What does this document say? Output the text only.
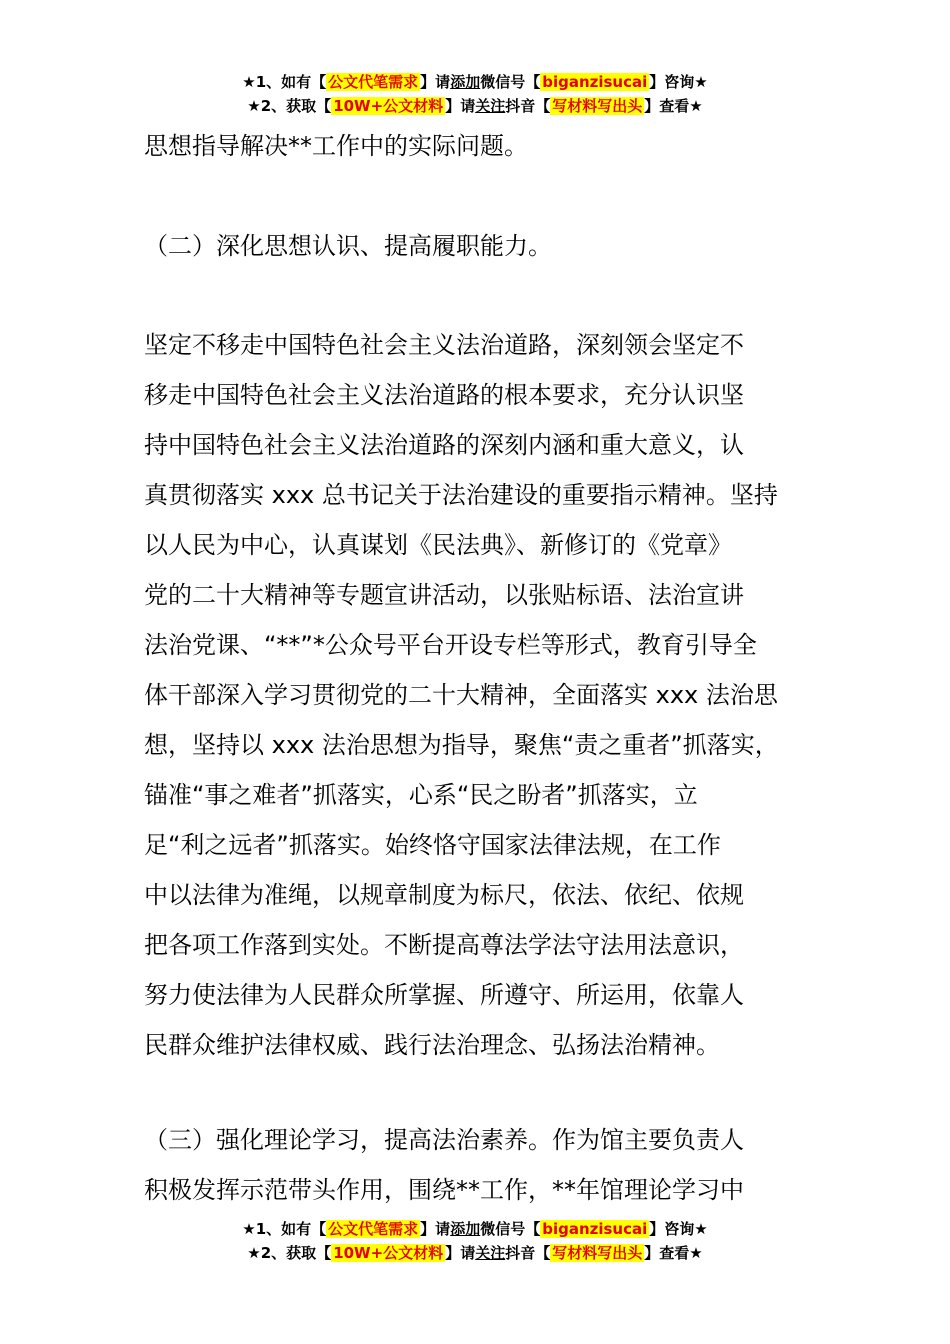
★1、如有【 公文代笔需求 】请添加微信号【 biganzisucai 】咨询★
★2、获取【 10W+公文材料 】请关注抖音【 写材料写出头 】查看★

思想指导解决**工作中的实际问题。

（二）深化思想认识、提高履职能力。

坚定不移走中国特色社会主义法治道路，深刻领会坚定不

移走中国特色社会主义法治道路的根本要求，充分认识坚

持中国特色社会主义法治道路的深刻内涵和重大意义，认

真贯彻落实 xxx 总书记关于法治建设的重要指示精神。坚持

以人民为中心，认真谋划《民法典》、新修订的《党章》

党的二十大精神等专题宣讲活动，以张贴标语、法治宣讲

法治党课、“**”*公众号平台开设专栏等形式，教育引导全

体干部深入学习贯彻党的二十大精神，全面落实 xxx 法治思

想，坚持以 xxx 法治思想为指导，聚焦“责之重者”抓落实，

锚准“事之难者”抓落实，心系“民之盼者”抓落实，立

足“利之远者”抓落实。始终恪守国家法律法规，在工作

中以法律为准绳，以规章制度为标尺，依法、依纪、依规

把各项工作落到实处。不断提高尊法学法守法用法意识，

努力使法律为人民群众所掌握、所遵守、所运用，依靠人

民群众维护法律权威、践行法治理念、弘扬法治精神。

（三）强化理论学习，提高法治素养。作为馆主要负责人

积极发挥示范带头作用，围绕**工作，**年馆理论学习中

★1、如有【 公文代笔需求 】请添加微信号【 biganzisucai 】咨询★
★2、获取【 10W+公文材料 】请关注抖音【 写材料写出头 】查看★
